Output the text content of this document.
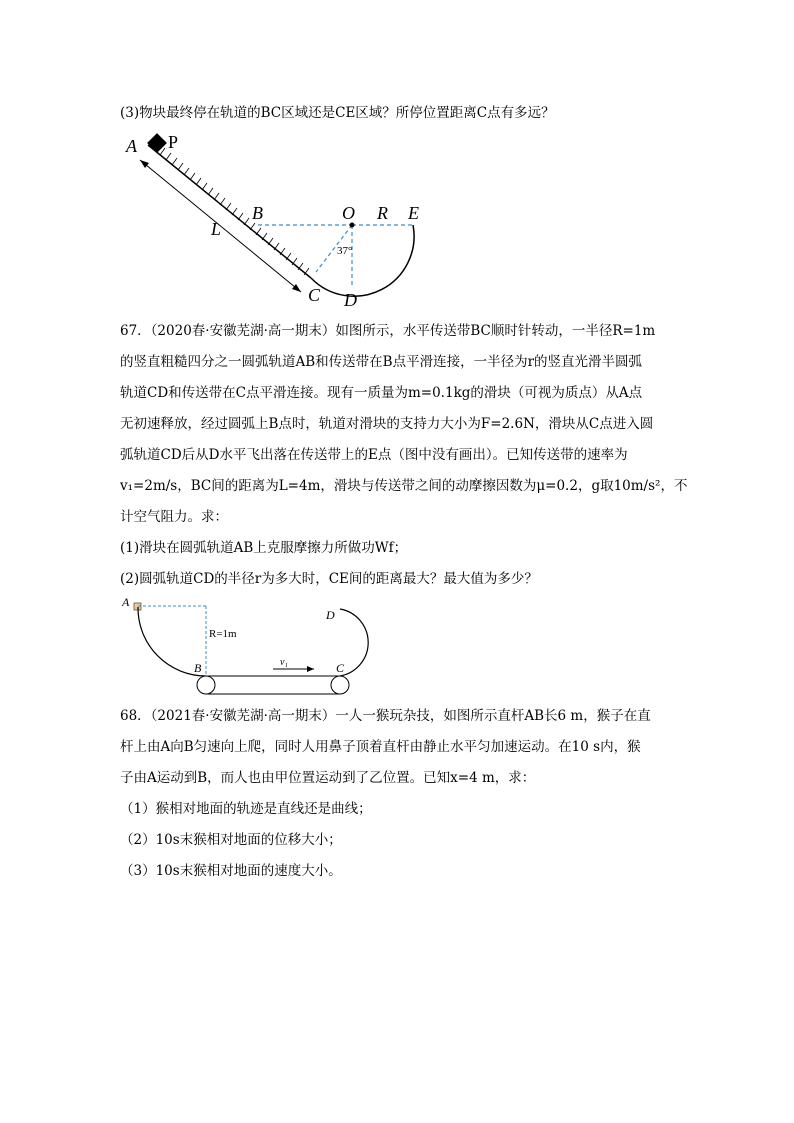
(3)物块最终停在轨道的BC区域还是CE区域？所停位置距离C点有多远？
A P
B	O R E
L
C D
37°
67．（2020春·安徽芜湖·高一期末）如图所示，水平传送带BC顺时针转动，一半径R=1m
的竖直粗糙四分之一圆弧轨道AB和传送带在B点平滑连接，一半径为r的竖直光滑半圆弧
轨道CD和传送带在C点平滑连接。现有一质量为m=0.1kg的滑块（可视为质点）从A点
无初速释放，经过圆弧上B点时，轨道对滑块的支持力大小为F=2.6N，滑块从C点进入圆
弧轨道CD后从D水平飞出落在传送带上的E点（图中没有画出）。已知传送带的速率为
v₁=2m/s，BC间的距离为L=4m，滑块与传送带之间的动摩擦因数为μ=0.2，g取10m/s²，不
计空气阻力。求：
(1)滑块在圆弧轨道AB上克服摩擦力所做功Wf；
(2)圆弧轨道CD的半径r为多大时，CE间的距离最大？最大值为多少？
A
R=1m
B	v₁	C
D
68．（2021春·安徽芜湖·高一期末）一人一猴玩杂技，如图所示直杆AB长6 m，猴子在直
杆上由A向B匀速向上爬，同时人用鼻子顶着直杆由静止水平匀加速运动。在10 s内，猴
子由A运动到B，而人也由甲位置运动到了乙位置。已知x=4 m，求：
（1）猴相对地面的轨迹是直线还是曲线；
（2）10s末猴相对地面的位移大小；
（3）10s末猴相对地面的速度大小。
